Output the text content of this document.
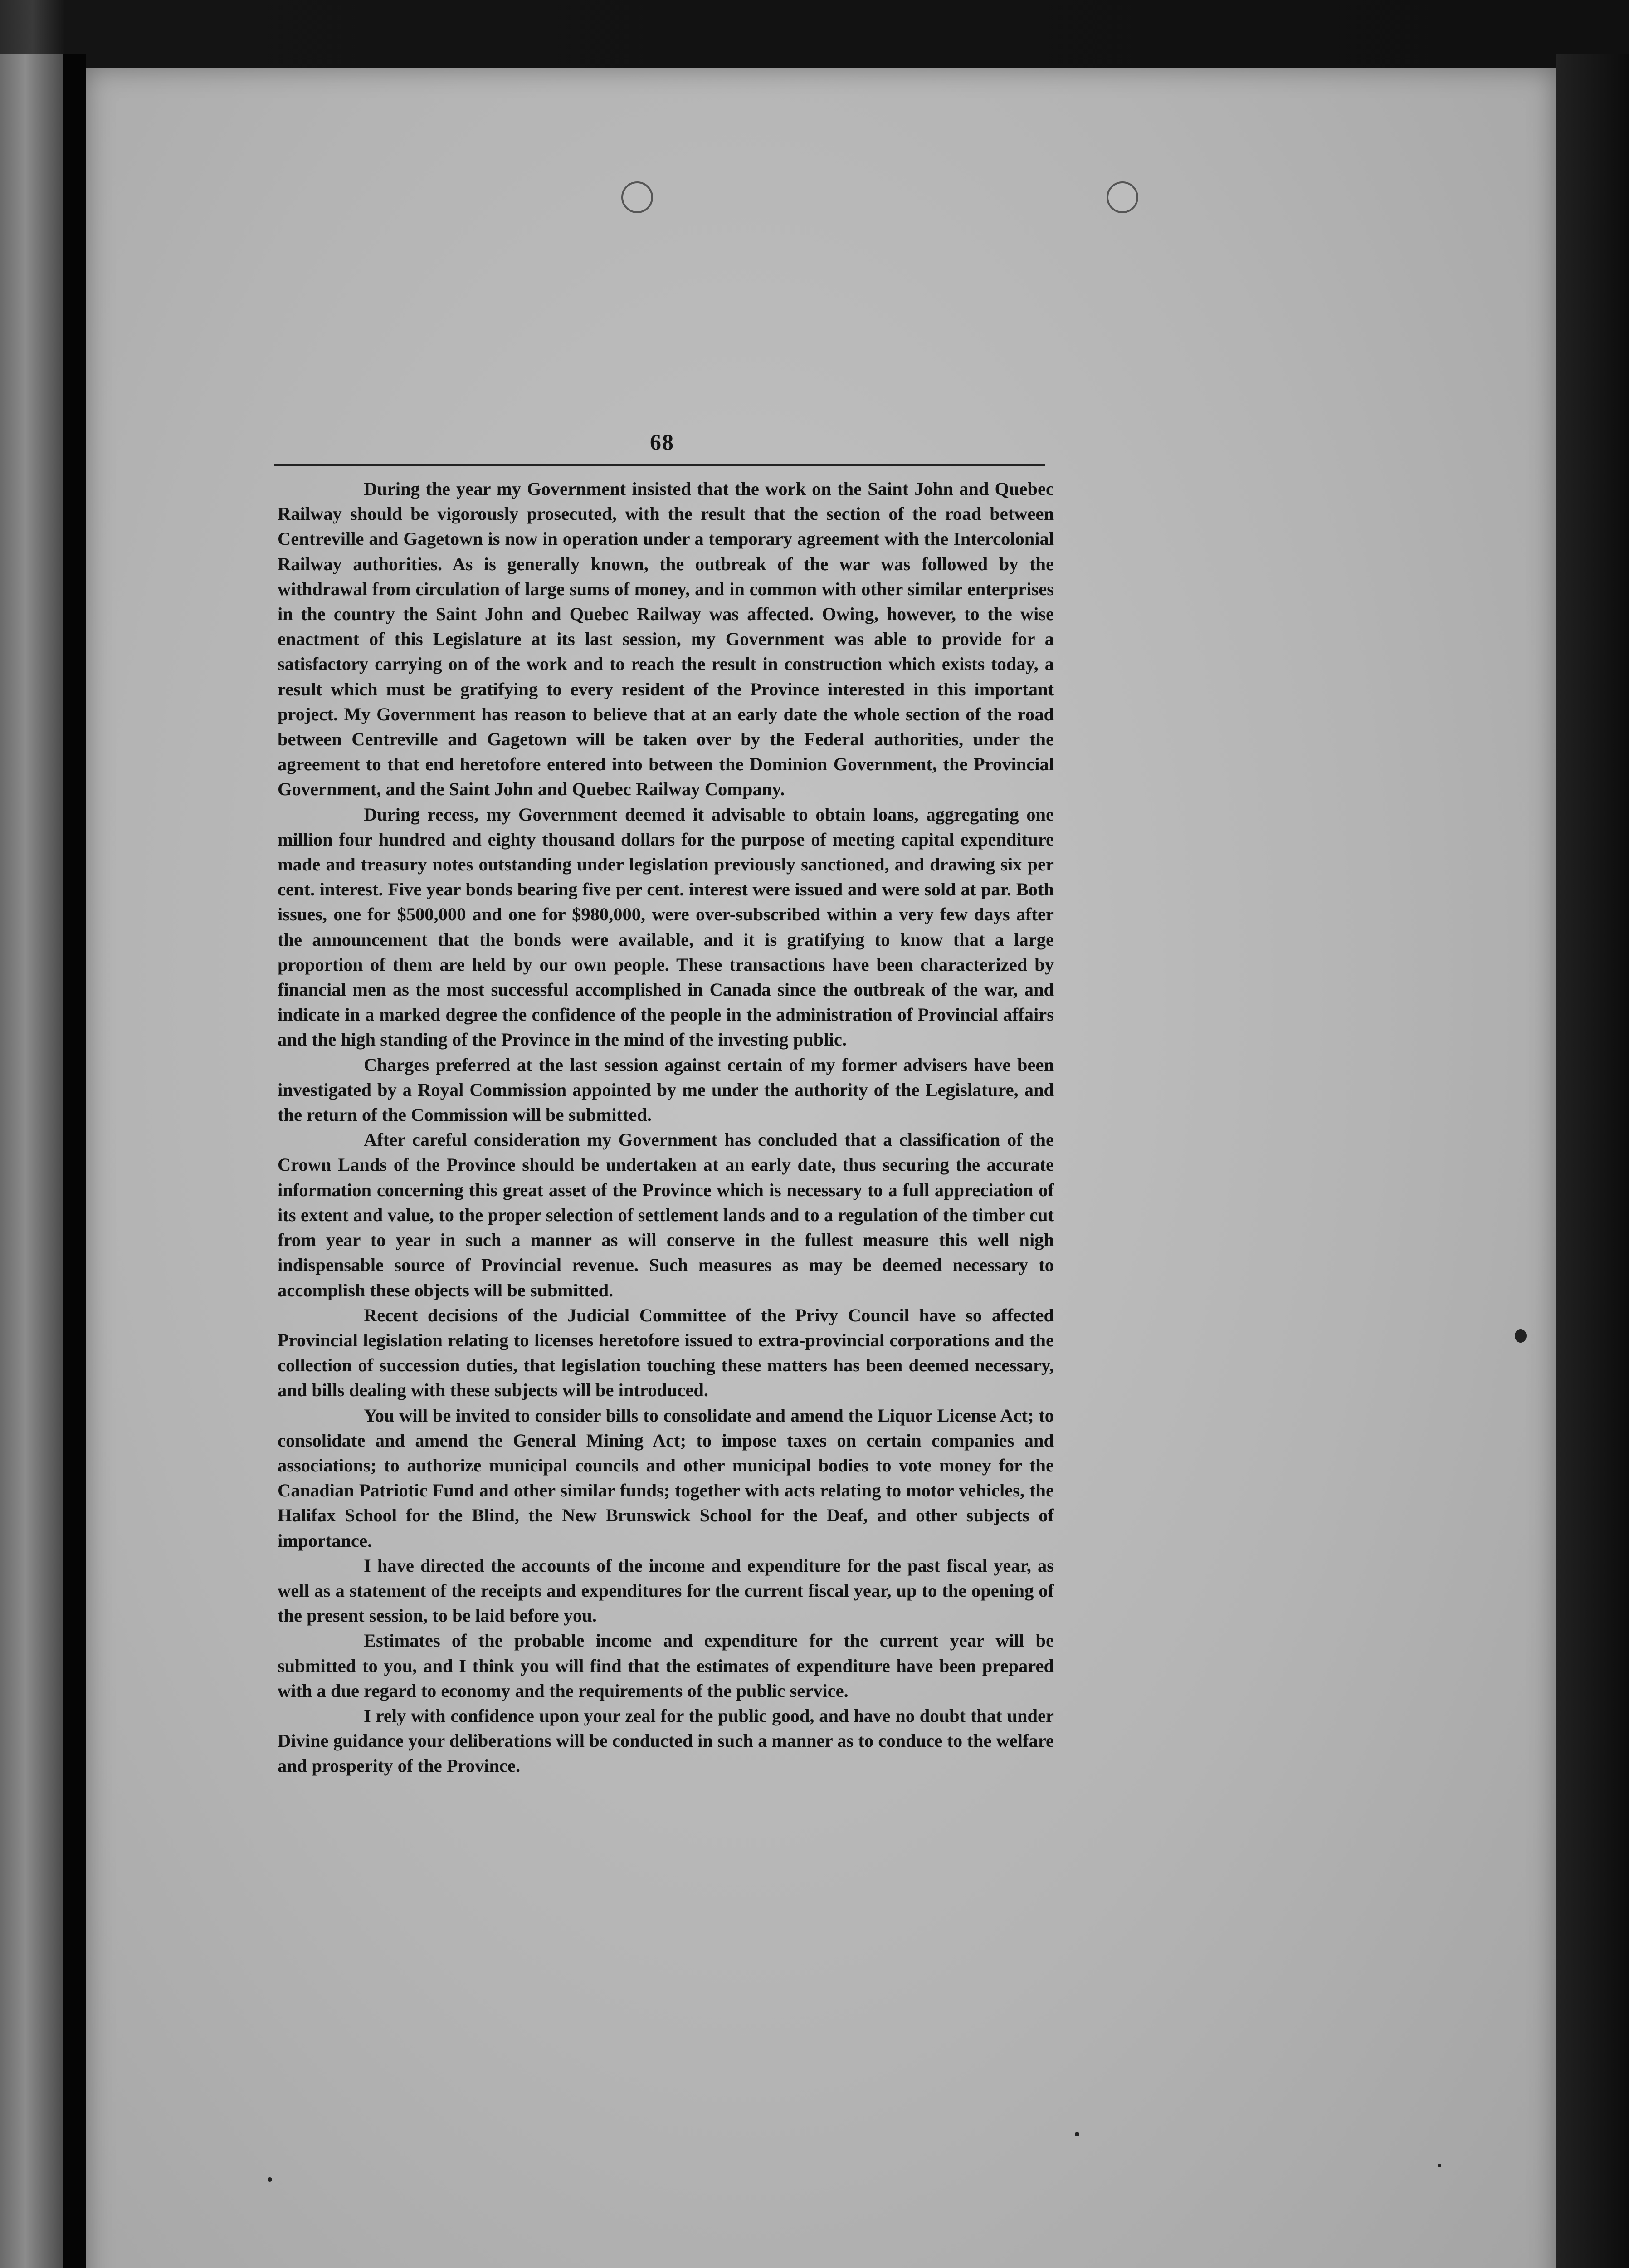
68

During the year my Government insisted that the work on the Saint John and Quebec Railway should be vigorously prosecuted, with the result that the section of the road between Centreville and Gagetown is now in operation under a temporary agreement with the Intercolonial Railway authorities. As is generally known, the outbreak of the war was followed by the withdrawal from circulation of large sums of money, and in common with other similar enterprises in the country the Saint John and Quebec Railway was affected. Owing, however, to the wise enactment of this Legislature at its last session, my Government was able to provide for a satisfactory carrying on of the work and to reach the result in construction which exists today, a result which must be gratifying to every resident of the Province interested in this important project. My Government has reason to believe that at an early date the whole section of the road between Centreville and Gagetown will be taken over by the Federal authorities, under the agreement to that end heretofore entered into between the Dominion Government, the Provincial Government, and the Saint John and Quebec Railway Company.

During recess, my Government deemed it advisable to obtain loans, aggregating one million four hundred and eighty thousand dollars for the purpose of meeting capital expenditure made and treasury notes outstanding under legislation previously sanctioned, and drawing six per cent. interest. Five year bonds bearing five per cent. interest were issued and were sold at par. Both issues, one for $500,000 and one for $980,000, were over-subscribed within a very few days after the announcement that the bonds were available, and it is gratifying to know that a large proportion of them are held by our own people. These transactions have been characterized by financial men as the most successful accomplished in Canada since the outbreak of the war, and indicate in a marked degree the confidence of the people in the administration of Provincial affairs and the high standing of the Province in the mind of the investing public.

Charges preferred at the last session against certain of my former advisers have been investigated by a Royal Commission appointed by me under the authority of the Legislature, and the return of the Commission will be submitted.

After careful consideration my Government has concluded that a classification of the Crown Lands of the Province should be undertaken at an early date, thus securing the accurate information concerning this great asset of the Province which is necessary to a full appreciation of its extent and value, to the proper selection of settlement lands and to a regulation of the timber cut from year to year in such a manner as will conserve in the fullest measure this well nigh indispensable source of Provincial revenue. Such measures as may be deemed necessary to accomplish these objects will be submitted.

Recent decisions of the Judicial Committee of the Privy Council have so affected Provincial legislation relating to licenses heretofore issued to extra-provincial corporations and the collection of succession duties, that legislation touching these matters has been deemed necessary, and bills dealing with these subjects will be introduced.

You will be invited to consider bills to consolidate and amend the Liquor License Act; to consolidate and amend the General Mining Act; to impose taxes on certain companies and associations; to authorize municipal councils and other municipal bodies to vote money for the Canadian Patriotic Fund and other similar funds; together with acts relating to motor vehicles, the Halifax School for the Blind, the New Brunswick School for the Deaf, and other subjects of importance.

I have directed the accounts of the income and expenditure for the past fiscal year, as well as a statement of the receipts and expenditures for the current fiscal year, up to the opening of the present session, to be laid before you.

Estimates of the probable income and expenditure for the current year will be submitted to you, and I think you will find that the estimates of expenditure have been prepared with a due regard to economy and the requirements of the public service.

I rely with confidence upon your zeal for the public good, and have no doubt that under Divine guidance your deliberations will be conducted in such a manner as to conduce to the welfare and prosperity of the Province.
